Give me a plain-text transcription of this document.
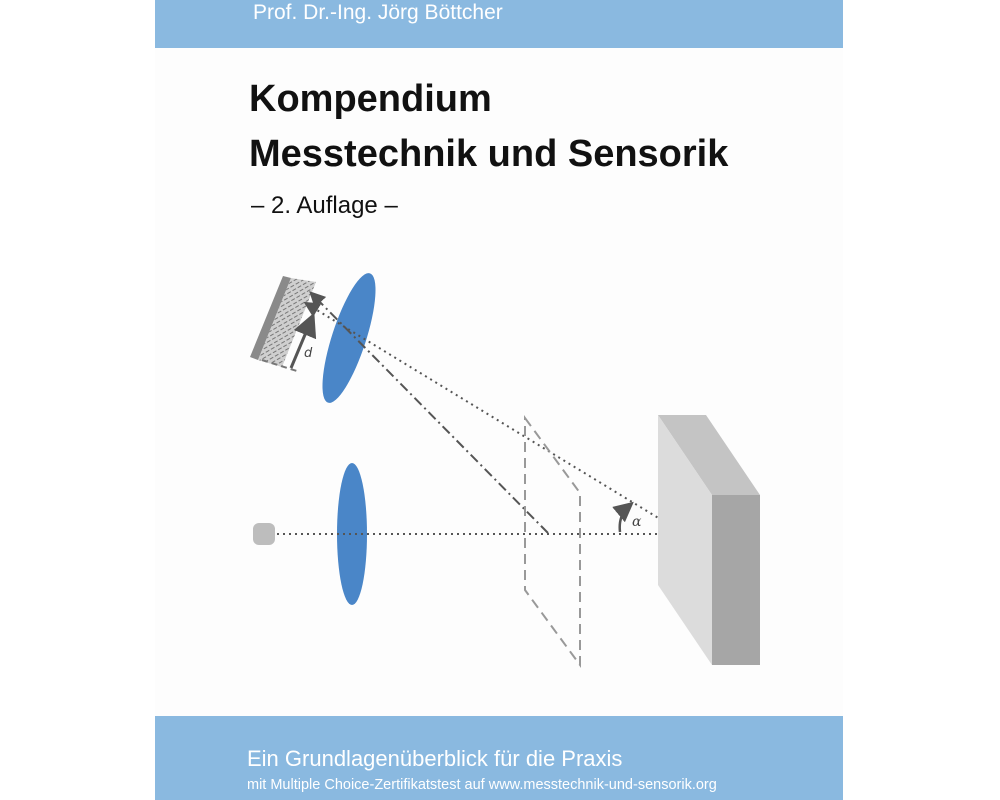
Prof. Dr.-Ing. Jörg Böttcher
Kompendium
Messtechnik und Sensorik
– 2. Auflage –
Ein Grundlagenüberblick für die Praxis
mit Multiple Choice-Zertifikatstest auf www.messtechnik-und-sensorik.org
d
α
